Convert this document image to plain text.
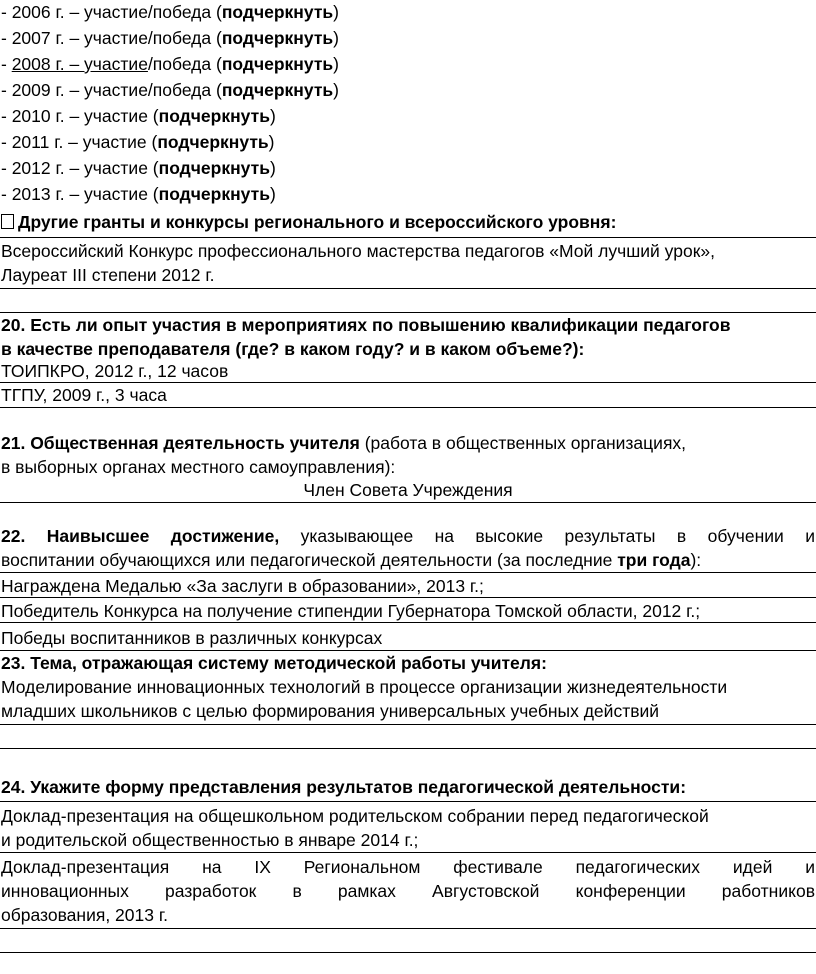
- 2006 г. – участие/победа (подчеркнуть)
- 2007 г. – участие/победа (подчеркнуть)
- 2008 г. – участие/победа (подчеркнуть)
- 2009 г. – участие/победа (подчеркнуть)
- 2010 г. – участие (подчеркнуть)
- 2011 г. – участие (подчеркнуть)
- 2012 г. – участие (подчеркнуть)
- 2013 г. – участие (подчеркнуть)
Другие гранты и конкурсы регионального и всероссийского уровня:
Всероссийский Конкурс профессионального мастерства педагогов «Мой лучший урок»,
Лауреат III степени 2012 г.
20. Есть ли опыт участия в мероприятиях по повышению квалификации педагогов
в качестве преподавателя (где? в каком году? и в каком объеме?):
ТОИПКРО, 2012 г., 12 часов
ТГПУ, 2009 г., 3 часа
21. Общественная деятельность учителя (работа в общественных организациях,
в выборных органах местного самоуправления):
Член Совета Учреждения
22. Наивысшее достижение, указывающее на высокие результаты в обучении и
воспитании обучающихся или педагогической деятельности (за последние три года):
Награждена Медалью «За заслуги в образовании», 2013 г.;
Победитель Конкурса на получение стипендии Губернатора Томской области, 2012 г.;
Победы воспитанников в различных конкурсах
23. Тема, отражающая систему методической работы учителя:
Моделирование инновационных технологий в процессе организации жизнедеятельности
младших школьников с целью формирования универсальных учебных действий
24. Укажите форму представления результатов педагогической деятельности:
Доклад-презентация на общешкольном родительском собрании перед педагогической
и родительской общественностью в январе 2014 г.;
Доклад-презентация на IX Региональном фестивале педагогических идей и
инновационных разработок в рамках Августовской конференции работников
образования, 2013 г.
